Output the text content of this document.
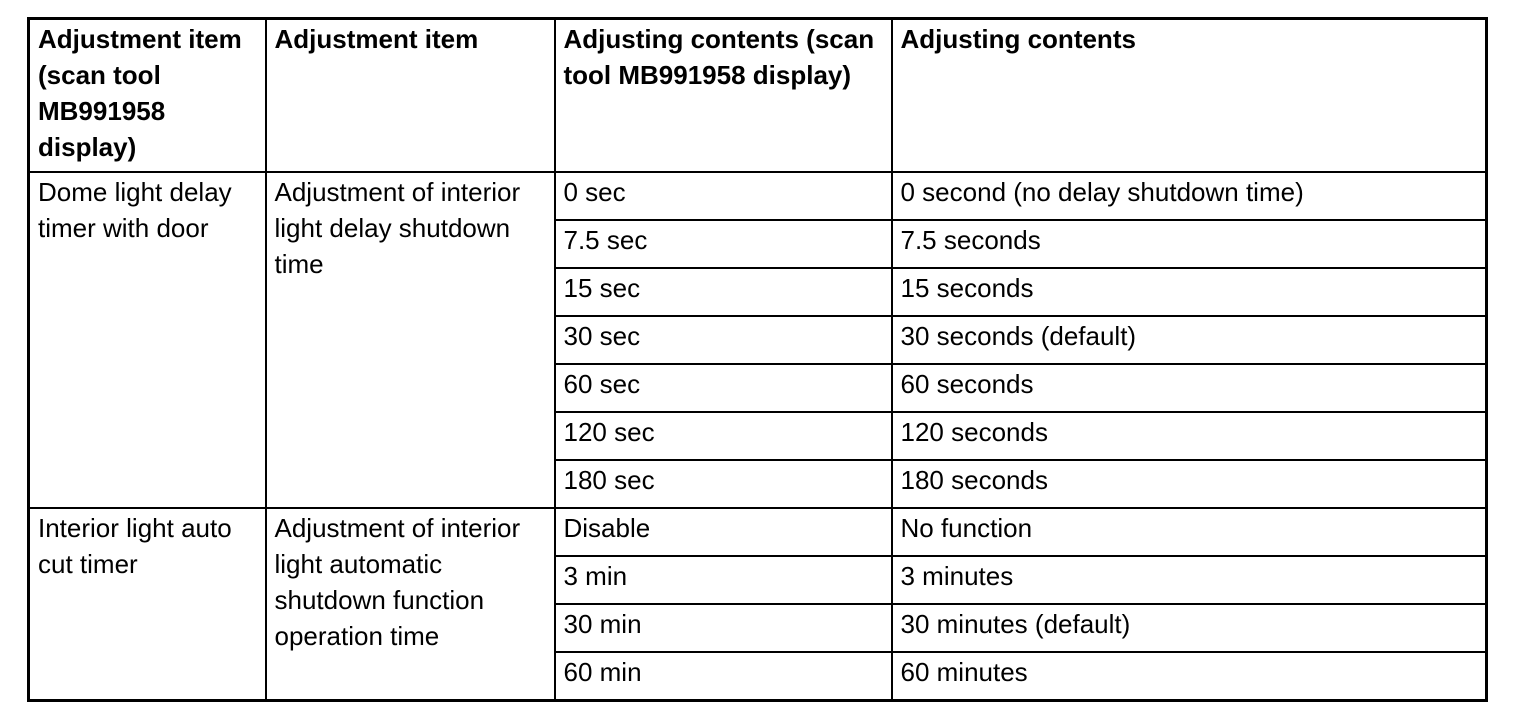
Adjustment item (scan tool MB991958 display)	Adjustment item	Adjusting contents (scan tool MB991958 display)	Adjusting contents
Dome light delay timer with door	Adjustment of interior light delay shutdown time	0 sec	0 second (no delay shutdown time)
		7.5 sec	7.5 seconds
		15 sec	15 seconds
		30 sec	30 seconds (default)
		60 sec	60 seconds
		120 sec	120 seconds
		180 sec	180 seconds
Interior light auto cut timer	Adjustment of interior light automatic shutdown function operation time	Disable	No function
		3 min	3 minutes
		30 min	30 minutes (default)
		60 min	60 minutes
